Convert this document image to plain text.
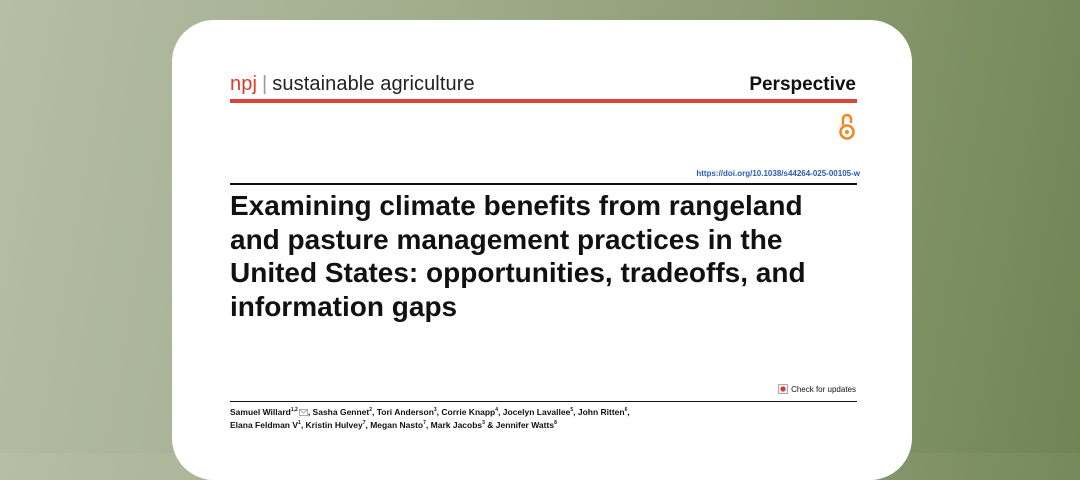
npj | sustainable agriculture	Perspective
https://doi.org/10.1038/s44264-025-00105-w
Examining climate benefits from rangeland and pasture management practices in the United States: opportunities, tradeoffs, and information gaps
Check for updates
Samuel Willard$^{1,2}$ , Sasha Gennet$^2$, Tori Anderson$^3$, Corrie Knapp$^4$, Jocelyn Lavallee$^5$, John Ritten$^6$,
Elana Feldman $V^1$, Kristin Hulvey$^7$, Megan Nasto$^7$, Mark Jacobs$^3$ & Jennifer Watts$^8$
